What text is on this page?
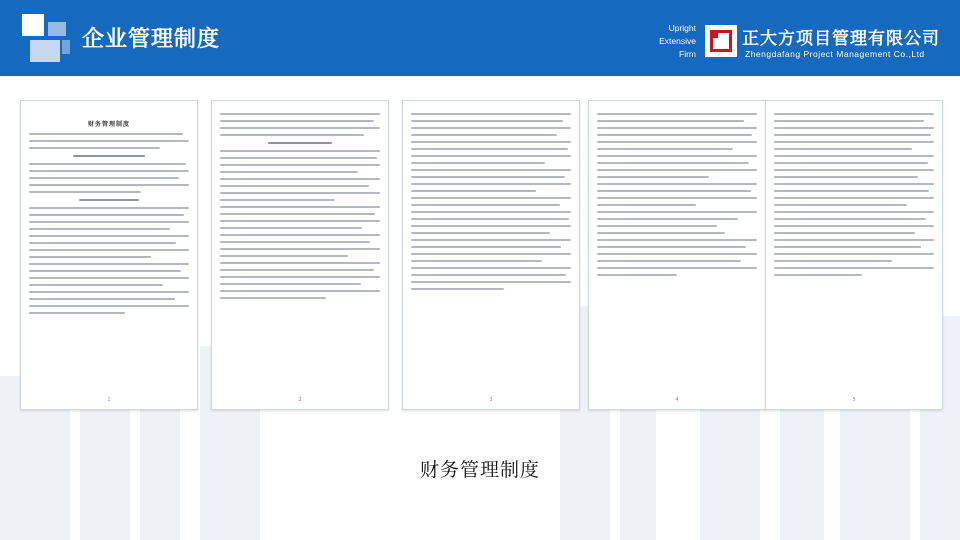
企业管理制度	Upright
Extensive
Firm
正大方项目管理有限公司
Zhengdafang Project Management Co.,Ltd
财务管理制度
1	2	3	4	5
财务管理制度
